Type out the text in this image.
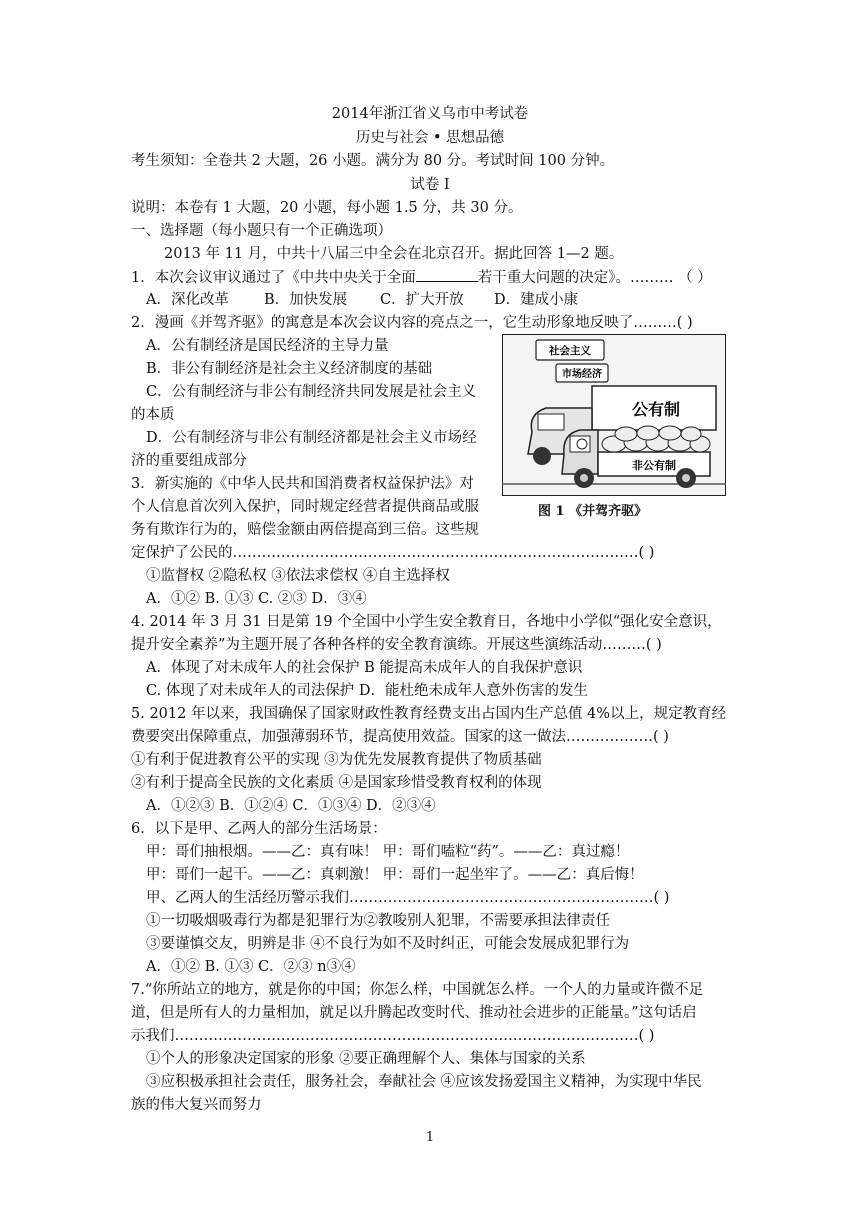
2014年浙江省义乌市中考试卷
历史与社会 • 思想品德
考生须知：全卷共 2 大题，26 小题。满分为 80 分。考试时间 100 分钟。
试卷 I
说明：本卷有 1 大题，20 小题，每小题 1.5 分，共 30 分。
一、选择题（每小题只有一个正确选项）
2013 年 11 月，中共十八届三中全会在北京召开。据此回答 1—2 题。
1．本次会议审议通过了《中共中央关于全面	若干重大问题的决定》。……… （ ）
A．深化改革 B．加快发展 C．扩大开放 D．建成小康
2．漫画《并驾齐驱》的寓意是本次会议内容的亮点之一，它生动形象地反映了………( )
A．公有制经济是国民经济的主导力量
B．非公有制经济是社会主义经济制度的基础
C．公有制经济与非公有制经济共同发展是社会主义
的本质
D．公有制经济与非公有制经济都是社会主义市场经
济的重要组成部分
社会主义
市场经济
公有制
非公有制
图 1 《并驾齐驱》
3．新实施的《中华人民共和国消费者权益保护法》对
个人信息首次列入保护，同时规定经营者提供商品或服
务有欺诈行为的，赔偿金额由两倍提高到三倍。这些规
定保护了公民的…………………………………………………………………………( )
①监督权 ②隐私权 ③依法求偿权 ④自主选择权
A．①② B. ①③ C. ②③ D．③④
4. 2014 年 3 月 31 日是第 19 个全国中小学生安全教育日，各地中小学似“强化安全意识，
提升安全素养”为主题开展了各种各样的安全教育演练。开展这些演练活动………( )
A．体现了对未成年人的社会保护 B 能提高未成年人的自我保护意识
C. 体现了对未成年人的司法保护 D．能杜绝未成年人意外伤害的发生
5. 2012 年以来，我国确保了国家财政性教育经费支出占国内生产总值 4%以上，规定教育经
费要突出保障重点，加强薄弱环节，提高使用效益。国家的这一做法………………( )
①有利于促进教育公平的实现 ③为优先发展教育提供了物质基础
②有利于提高全民族的文化素质 ④是国家珍惜受教育权利的体现
A．①②③ B．①②④ C．①③④ D．②③④
6．以下是甲、乙两人的部分生活场景：
甲：哥们抽根烟。——乙：真有味！ 甲：哥们嗑粒“药”。——乙：真过瘾！
甲：哥们一起干。——乙：真刺激！ 甲：哥们一起坐牢了。——乙：真后悔！
甲、乙两人的生活经历警示我们………………………………………………………( )
①一切吸烟吸毒行为都是犯罪行为②教唆别人犯罪，不需要承担法律责任
③要谨慎交友，明辨是非 ④不良行为如不及时纠正，可能会发展成犯罪行为
A．①② B. ①③ C．②③ n③④
7.“你所站立的地方，就是你的中国；你怎么样，中国就怎么样。一个人的力量或许微不足
道，但是所有人的力量相加，就足以升腾起改变时代、推动社会进步的正能量。”这句话启
示我们……………………………………………………………………………………( )
①个人的形象决定国家的形象 ②要正确理解个人、集体与国家的关系
③应积极承担社会责任，服务社会，奉献社会 ④应该发扬爱国主义精神，为实现中华民
族的伟大复兴而努力
1
